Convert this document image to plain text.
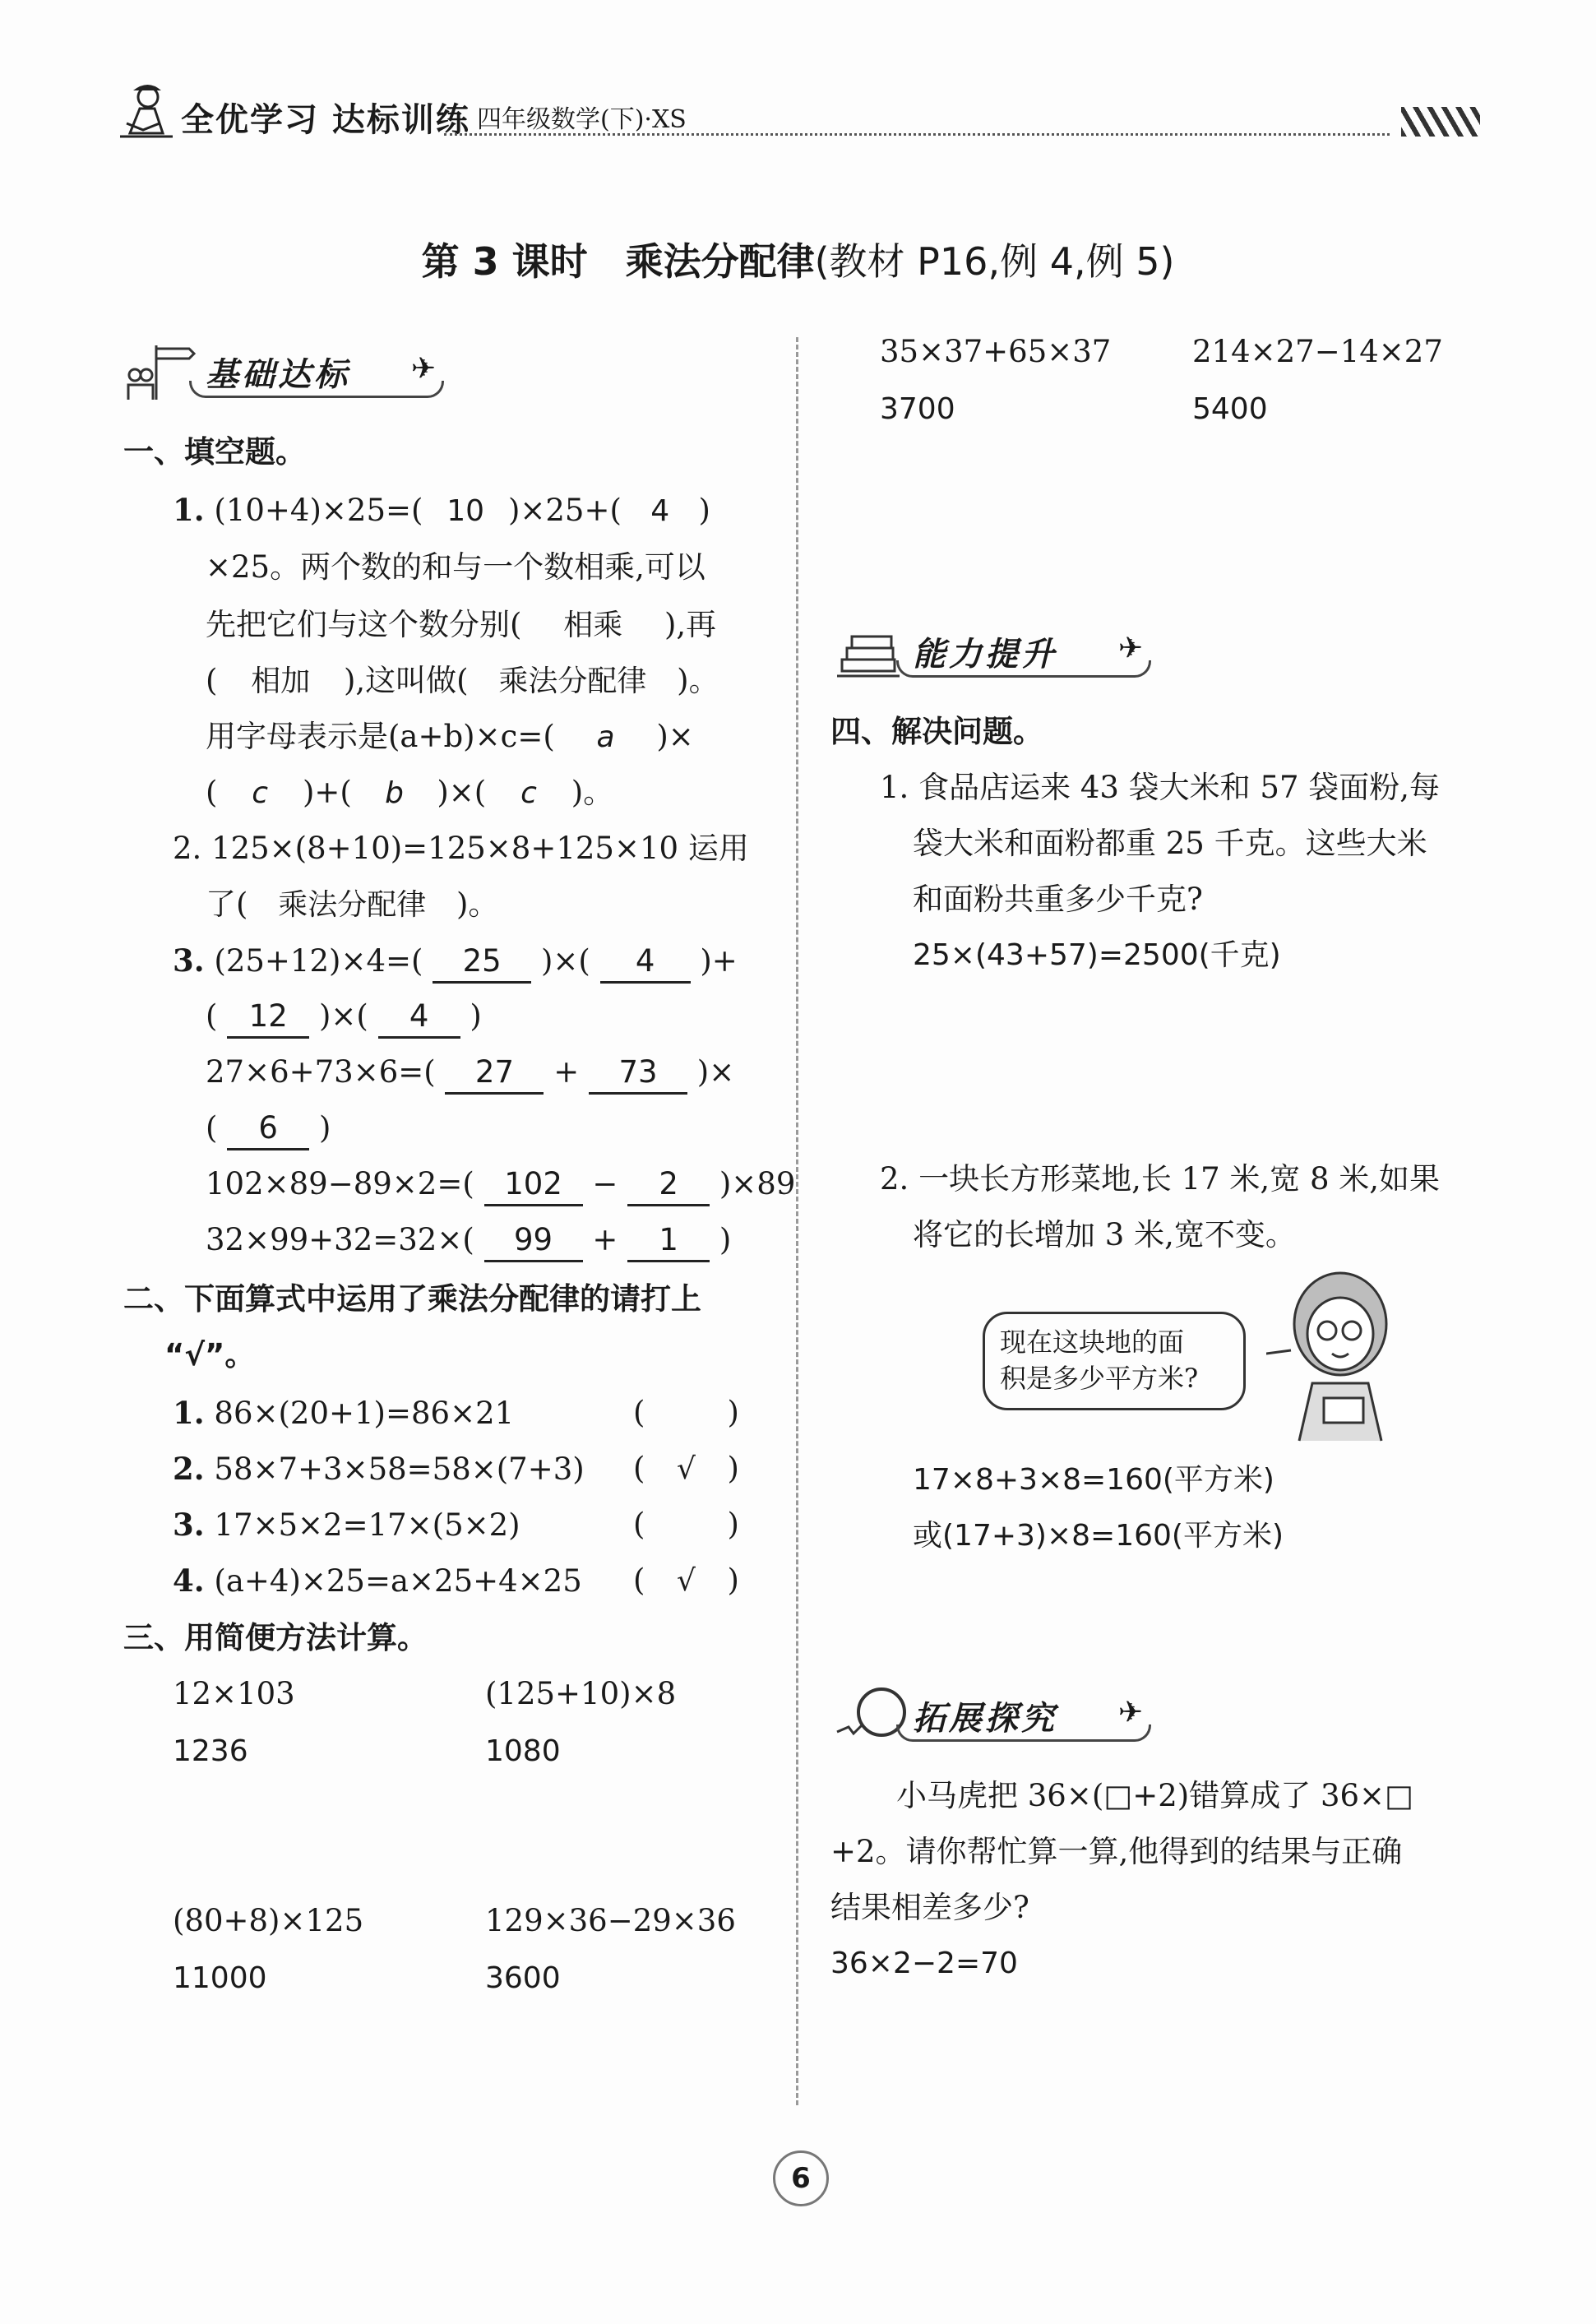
全优学习 达标训练 四年级数学(下)·XS
第 3 课时　乘法分配律(教材 P16,例 4,例 5)
基础达标 ✈
一、填空题。
1. (10+4)×25=( 10 )×25+( 4 )
×25。两个数的和与一个数相乘,可以
先把它们与这个数分别( 相乘 ),再
( 相加 ),这叫做( 乘法分配律 )。
用字母表示是(a+b)×c=( a )×
( c )+( b )×( c )。
2. 125×(8+10)=125×8+125×10 运用
了( 乘法分配律 )。
3. (25+12)×4=( 25 )×( 4 )+
( 12 )×( 4 )
27×6+73×6=( 27 + 73 )×
( 6 )
102×89−89×2=( 102 − 2 )×89
32×99+32=32×( 99 + 1 )
二、下面算式中运用了乘法分配律的请打上
“√”。
1. 86×(20+1)=86×21	(	)
2. 58×7+3×58=58×(7+3) ( √ )
3. 17×5×2=17×(5×2)	(	)
4. (a+4)×25=a×25+4×25 ( √ )
三、用简便方法计算。
12×103
1236
(125+10)×8
1080
(80+8)×125
11000
129×36−29×36
3600
35×37+65×37
3700
214×27−14×27
5400
能力提升 ✈
四、解决问题。
1. 食品店运来 43 袋大米和 57 袋面粉,每
袋大米和面粉都重 25 千克。这些大米
和面粉共重多少千克?
25×(43+57)=2500(千克)
2. 一块长方形菜地,长 17 米,宽 8 米,如果
将它的长增加 3 米,宽不变。
17×8+3×8=160(平方米)
或(17+3)×8=160(平方米)
拓展探究 ✈
小马虎把 36×(□+2)错算成了 36×□
+2。请你帮忙算一算,他得到的结果与正确
结果相差多少?
36×2−2=70
现在这块地的面
积是多少平方米?
6
